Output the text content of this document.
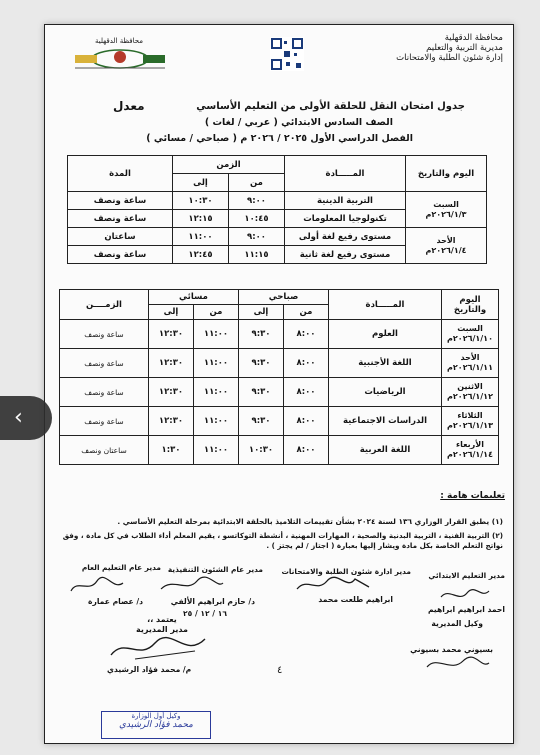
محافظة الدقهلية
مديرية التربية والتعليم
إدارة شئون الطلبة والامتحانات
محافظة الدقهلية
جدول امتحان النقل للحلقة الأولى من التعليم الأساسي
معدل
الصف السادس الابتدائي ( عربي / لغات )
الفصل الدراسي الأول ٢٠٢٥ / ٢٠٢٦ م ( صباحي / مسائي )
اليوم والتاريخ	المـــــادة	الزمن		المدة
		من	إلى	

السبت
٢٠٢٦/١/٣م	التربية الدينية	٩:٠٠	١٠:٣٠	ساعة ونصف
	تكنولوجيا المعلومات	١٠:٤٥	١٢:١٥	ساعة ونصف

الأحد
٢٠٢٦/١/٤م	مستوى رفيع لغة أولى	٩:٠٠	١١:٠٠	ساعتان
	مستوى رفيع لغة ثانية	١١:١٥	١٢:٤٥	ساعة ونصف
اليوم والتاريخ	المـــــادة	صباحي		مسائي		الزمــــن
		من	إلى	من	إلى	

السبت
٢٠٢٦/١/١٠م	العلوم	٨:٠٠	٩:٣٠	١١:٠٠	١٢:٣٠	ساعة ونصف

الأحد
٢٠٢٦/١/١١م	اللغة الأجنبية	٨:٠٠	٩:٣٠	١١:٠٠	١٢:٣٠	ساعة ونصف

الاثنين
٢٠٢٦/١/١٢م	الرياضيات	٨:٠٠	٩:٣٠	١١:٠٠	١٢:٣٠	ساعة ونصف

الثلاثاء
٢٠٢٦/١/١٣م	الدراسات الاجتماعية	٨:٠٠	٩:٣٠	١١:٠٠	١٢:٣٠	ساعة ونصف

الأربعاء
٢٠٢٦/١/١٤م	اللغة العربية	٨:٠٠	١٠:٣٠	١١:٠٠	١:٣٠	ساعتان ونصف
تعليمات هامة :
(١) يطبق القرار الوزاري ١٣٦ لسنة ٢٠٢٤ بشأن تقييمات التلاميذ بالحلقة الابتدائية بمرحلة التعليم الأساسي .
(٢) التربية الفنية ، التربية البدنية والصحية ، المهارات المهنية ، أنشطة التوكاتسو ، يقيم المعلم أداء الطلاب في كل مادة ، وفق نواتج التعلم الخاصة بكل مادة ويشار إليها بعبارة ( اجتاز / لم يجتز ) .
مدير التعليم الابتدائي
احمد ابراهيم ابراهيم
وكيل المديرية
مدير ادارة شئون الطلبة والامتحانات
ابراهيم طلعت محمد
مدير عام الشئون التنفيذية
د/ حازم ابراهيم الألفي
١٦ / ١٢ / ٢٥
مدير عام التعليم العام
د/ عصام عمارة
يعتمد ،،
مدير المديرية
م/ محمد فؤاد الرشيدي
بسيوني محمد بسيوني
٤
وكيل أول الوزارة
محمد فؤاد الرشيدي
‹
